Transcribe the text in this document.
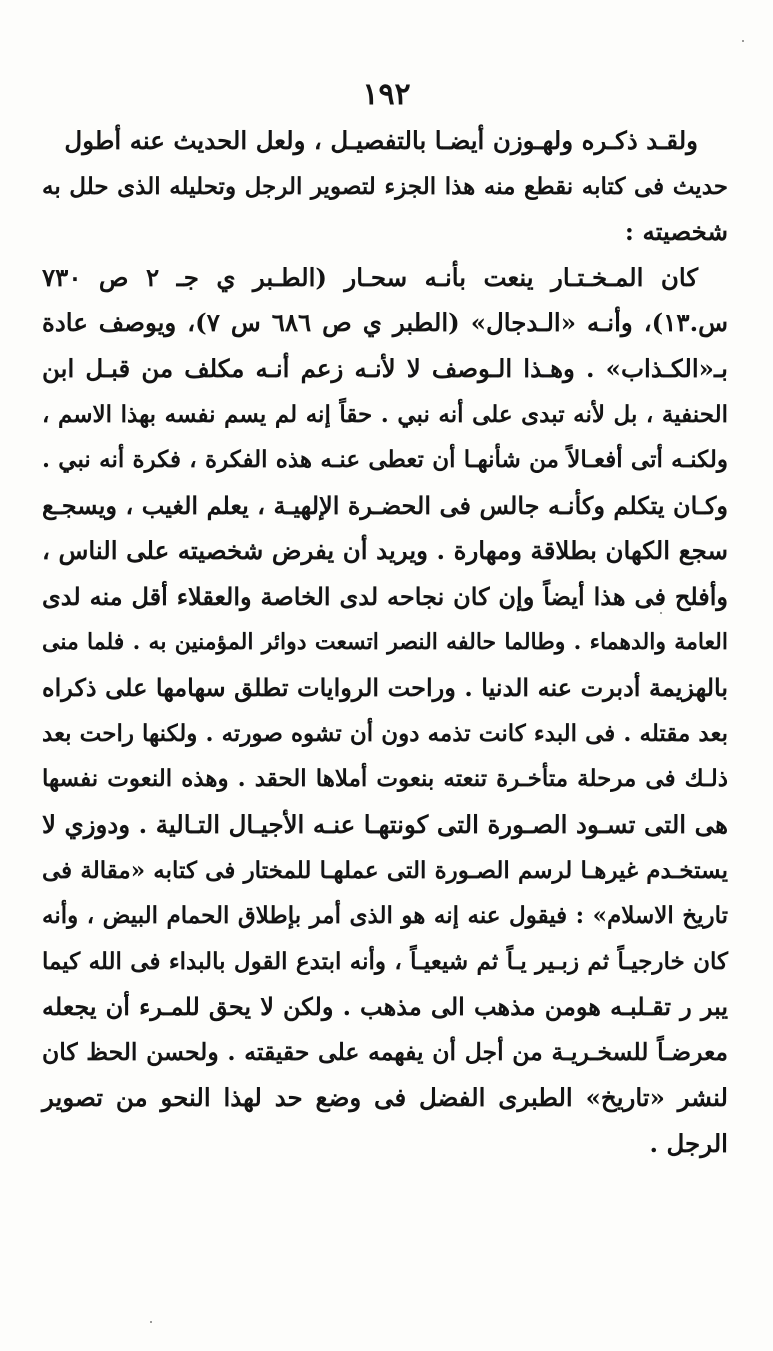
١٩٢
ولقـد ذكـره ولهـوزن أيضـا بالتفصيـل ، ولعل الحديث عنه أطول
حديث فى كتابه نقطع منه هذا الجزء لتصوير الرجل وتحليله الذى حلل به
شخصيته :
كان المـخـتـار ينعت بأنـه سحـار (الطـبر ي جـ ٢ ص ٧٣٠
س.١٣)، وأنـه «الـدجال» (الطبر ي ص ٦٨٦ س ٧)، ويوصف عادة
بـ«الكـذاب» . وهـذا الـوصف لا لأنـه زعم أنـه مكلف من قبـل ابن
الحنفية ، بل لأنه تبدى على أنه نبي . حقاً إنه لم يسم نفسه بهذا الاسم ،
ولكنـه أتى أفعـالاً من شأنهـا أن تعطى عنـه هذه الفكرة ، فكرة أنه نبي .
وكـان يتكلم وكأنـه جالس فى الحضـرة الإلهيـة ، يعلم الغيب ، ويسجـع
سجع الكهان بطلاقة ومهارة . ويريد أن يفرض شخصيته على الناس ،
وأفلح فى هذا أيضاً وإن كان نجاحه لدى الخاصة والعقلاء أقل منه لدى
العامة والدهماء . وطالما حالفه النصر اتسعت دوائر المؤمنين به . فلما منى
بالهزيمة أدبرت عنه الدنيا . وراحت الروايات تطلق سهامها على ذكراه
بعد مقتله . فى البدء كانت تذمه دون أن تشوه صورته . ولكنها راحت بعد
ذلـك فى مرحلة متأخـرة تنعته بنعوت أملاها الحقد . وهذه النعوت نفسها
هى التى تسـود الصـورة التى كونتهـا عنـه الأجيـال التـالية . ودوزي لا
يستخـدم غيرهـا لرسم الصـورة التى عملهـا للمختار فى كتابه «مقالة فى
تاريخ الاسلام» : فيقول عنه إنه هو الذى أمر بإطلاق الحمام البيض ، وأنه
كان خارجيـاً ثم زبـير يـاً ثم شيعيـاً ، وأنه ابتدع القول بالبداء فى الله كيما
يبر ر تقـلبـه هومن مذهب الى مذهب . ولكن لا يحق للمـرء أن يجعله
معرضـاً للسخـريـة من أجل أن يفهمه على حقيقته . ولحسن الحظ كان
لنشر «تاريخ» الطبرى الفضل فى وضع حد لهذا النحو من تصوير
الرجل .
